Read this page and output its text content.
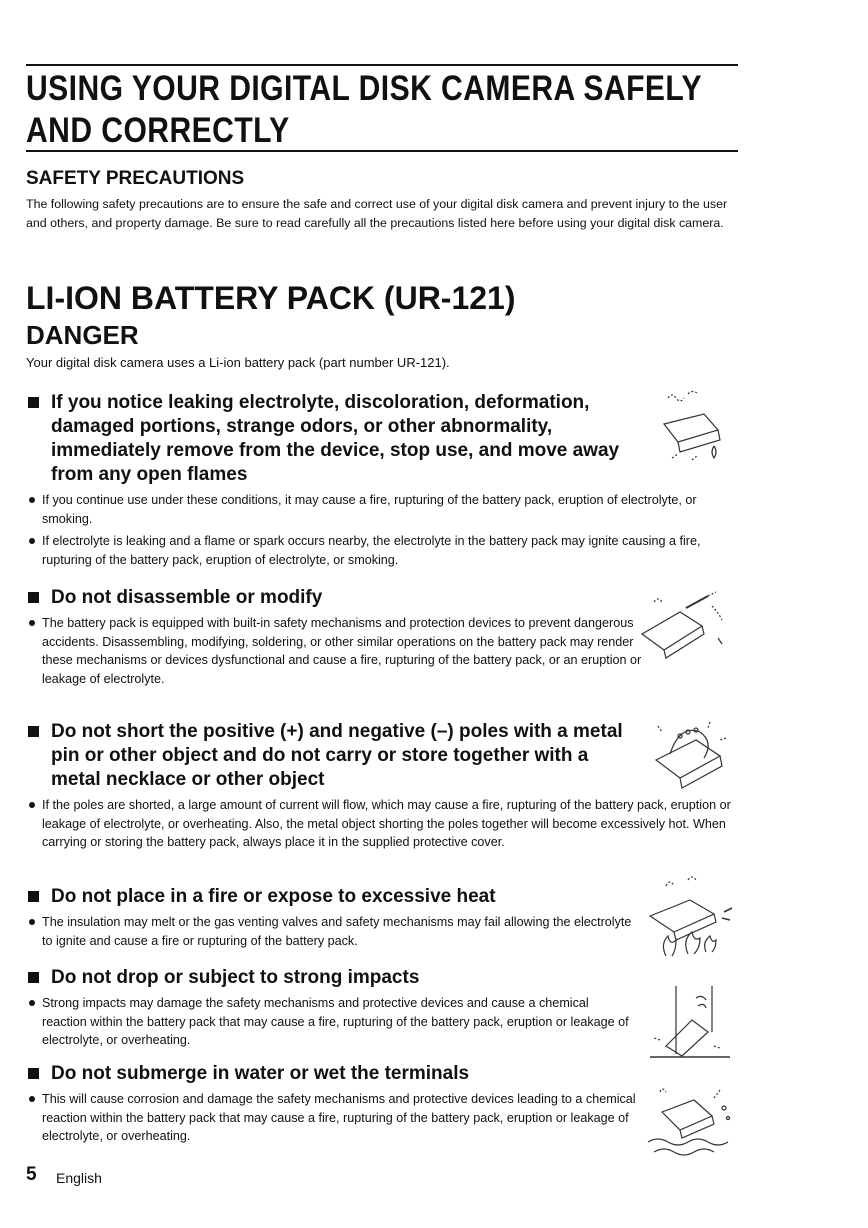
USING YOUR DIGITAL DISK CAMERA SAFELY
AND CORRECTLY
SAFETY PRECAUTIONS
The following safety precautions are to ensure the safe and correct use of your digital disk camera and prevent injury to the user and others, and property damage. Be sure to read carefully all the precautions listed here before using your digital disk camera.
LI-ION BATTERY PACK (UR-121)
DANGER
Your digital disk camera uses a Li-ion battery pack (part number UR-121).
If you notice leaking electrolyte, discoloration, deformation, damaged portions, strange odors, or other abnormality, immediately remove from the device, stop use, and move away from any open flames
If you continue use under these conditions, it may cause a fire, rupturing of the battery pack, eruption of electrolyte, or smoking.
If electrolyte is leaking and a flame or spark occurs nearby, the electrolyte in the battery pack may ignite causing a fire, rupturing of the battery pack, eruption of electrolyte, or smoking.
Do not disassemble or modify
The battery pack is equipped with built-in safety mechanisms and protection devices to prevent dangerous accidents. Disassembling, modifying, soldering, or other similar operations on the battery pack may render these mechanisms or devices dysfunctional and cause a fire, rupturing of the battery pack, or an eruption or leakage of electrolyte.
Do not short the positive (+) and negative (–) poles with a metal pin or other object and do not carry or store together with a metal necklace or other object
If the poles are shorted, a large amount of current will flow, which may cause a fire, rupturing of the battery pack, eruption or leakage of electrolyte, or overheating. Also, the metal object shorting the poles together will become excessively hot. When carrying or storing the battery pack, always place it in the supplied protective cover.
Do not place in a fire or expose to excessive heat
The insulation may melt or the gas venting valves and safety mechanisms may fail allowing the electrolyte to ignite and cause a fire or rupturing of the battery pack.
Do not drop or subject to strong impacts
Strong impacts may damage the safety mechanisms and protective devices and cause a chemical reaction within the battery pack that may cause a fire, rupturing of the battery pack, eruption or leakage of electrolyte, or overheating.
Do not submerge in water or wet the terminals
This will cause corrosion and damage the safety mechanisms and protective devices leading to a chemical reaction within the battery pack that may cause a fire, rupturing of the battery pack, eruption or leakage of electrolyte, or overheating.
5 English
